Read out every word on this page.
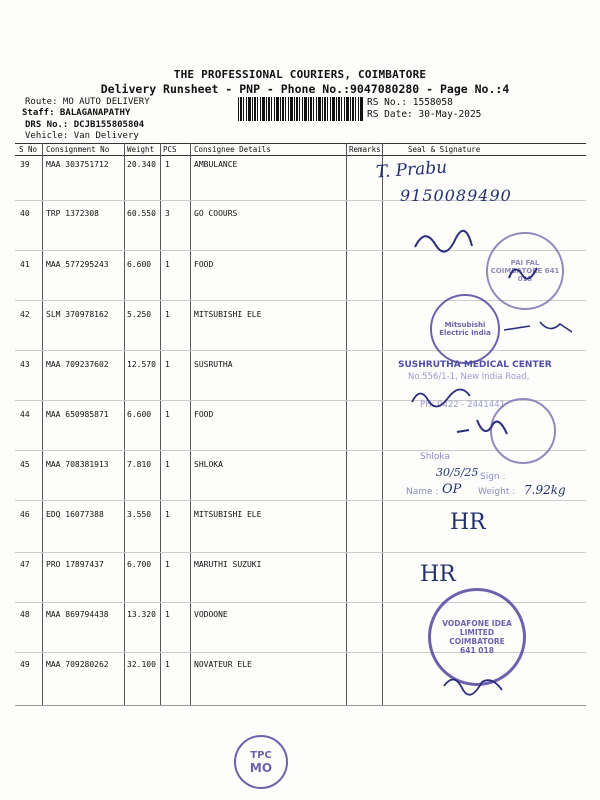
THE PROFESSIONAL COURIERS, COIMBATORE
Delivery Runsheet - PNP - Phone No.:9047080280 - Page No.:4
Route: MO AUTO DELIVERY
Staff: BALAGANAPATHY
DRS No.: DCJB155805804
Vehicle: Van Delivery
RS No.: 1558058
RS Date: 30-May-2025
S No Consignment No Weight PCS Consignee Details	Remarks	Seal & Signature
39 MAA 303751712 20.340 1	AMBULANCE
40 TRP 1372308	60.550 3	GO COOURS
41 MAA 577295243 6.600 1	FOOD
42 SLM 370978162 5.250 1	MITSUBISHI ELE
43 MAA 709237602 12.570 1	SUSRUTHA
44 MAA 650985871 6.600 1	FOOD
45 MAA 708381913 7.810 1	SHLOKA
46 EDQ 16077388	3.550 1	MITSUBISHI ELE
47 PRO 17897437	6.700 1	MARUTHI SUZUKI
48 MAA 869794438 13.320 1	VODOONE
49 MAA 709280262 32.100 1	NOVATEUR ELE
T. Prabu
9150089490
PAI FAL COIMBATORE 641 013
Mitsubishi Electric India
SUSHRUTHA MEDICAL CENTER
No.556/1-1, New India Road,
PH: 0422 - 2441441
Shloka
30/5/25 Sign :
Name : OP Weight : 7.92kg
HR
HR
VODAFONE IDEA LIMITED COIMBATORE 641 018
TPC
MO
